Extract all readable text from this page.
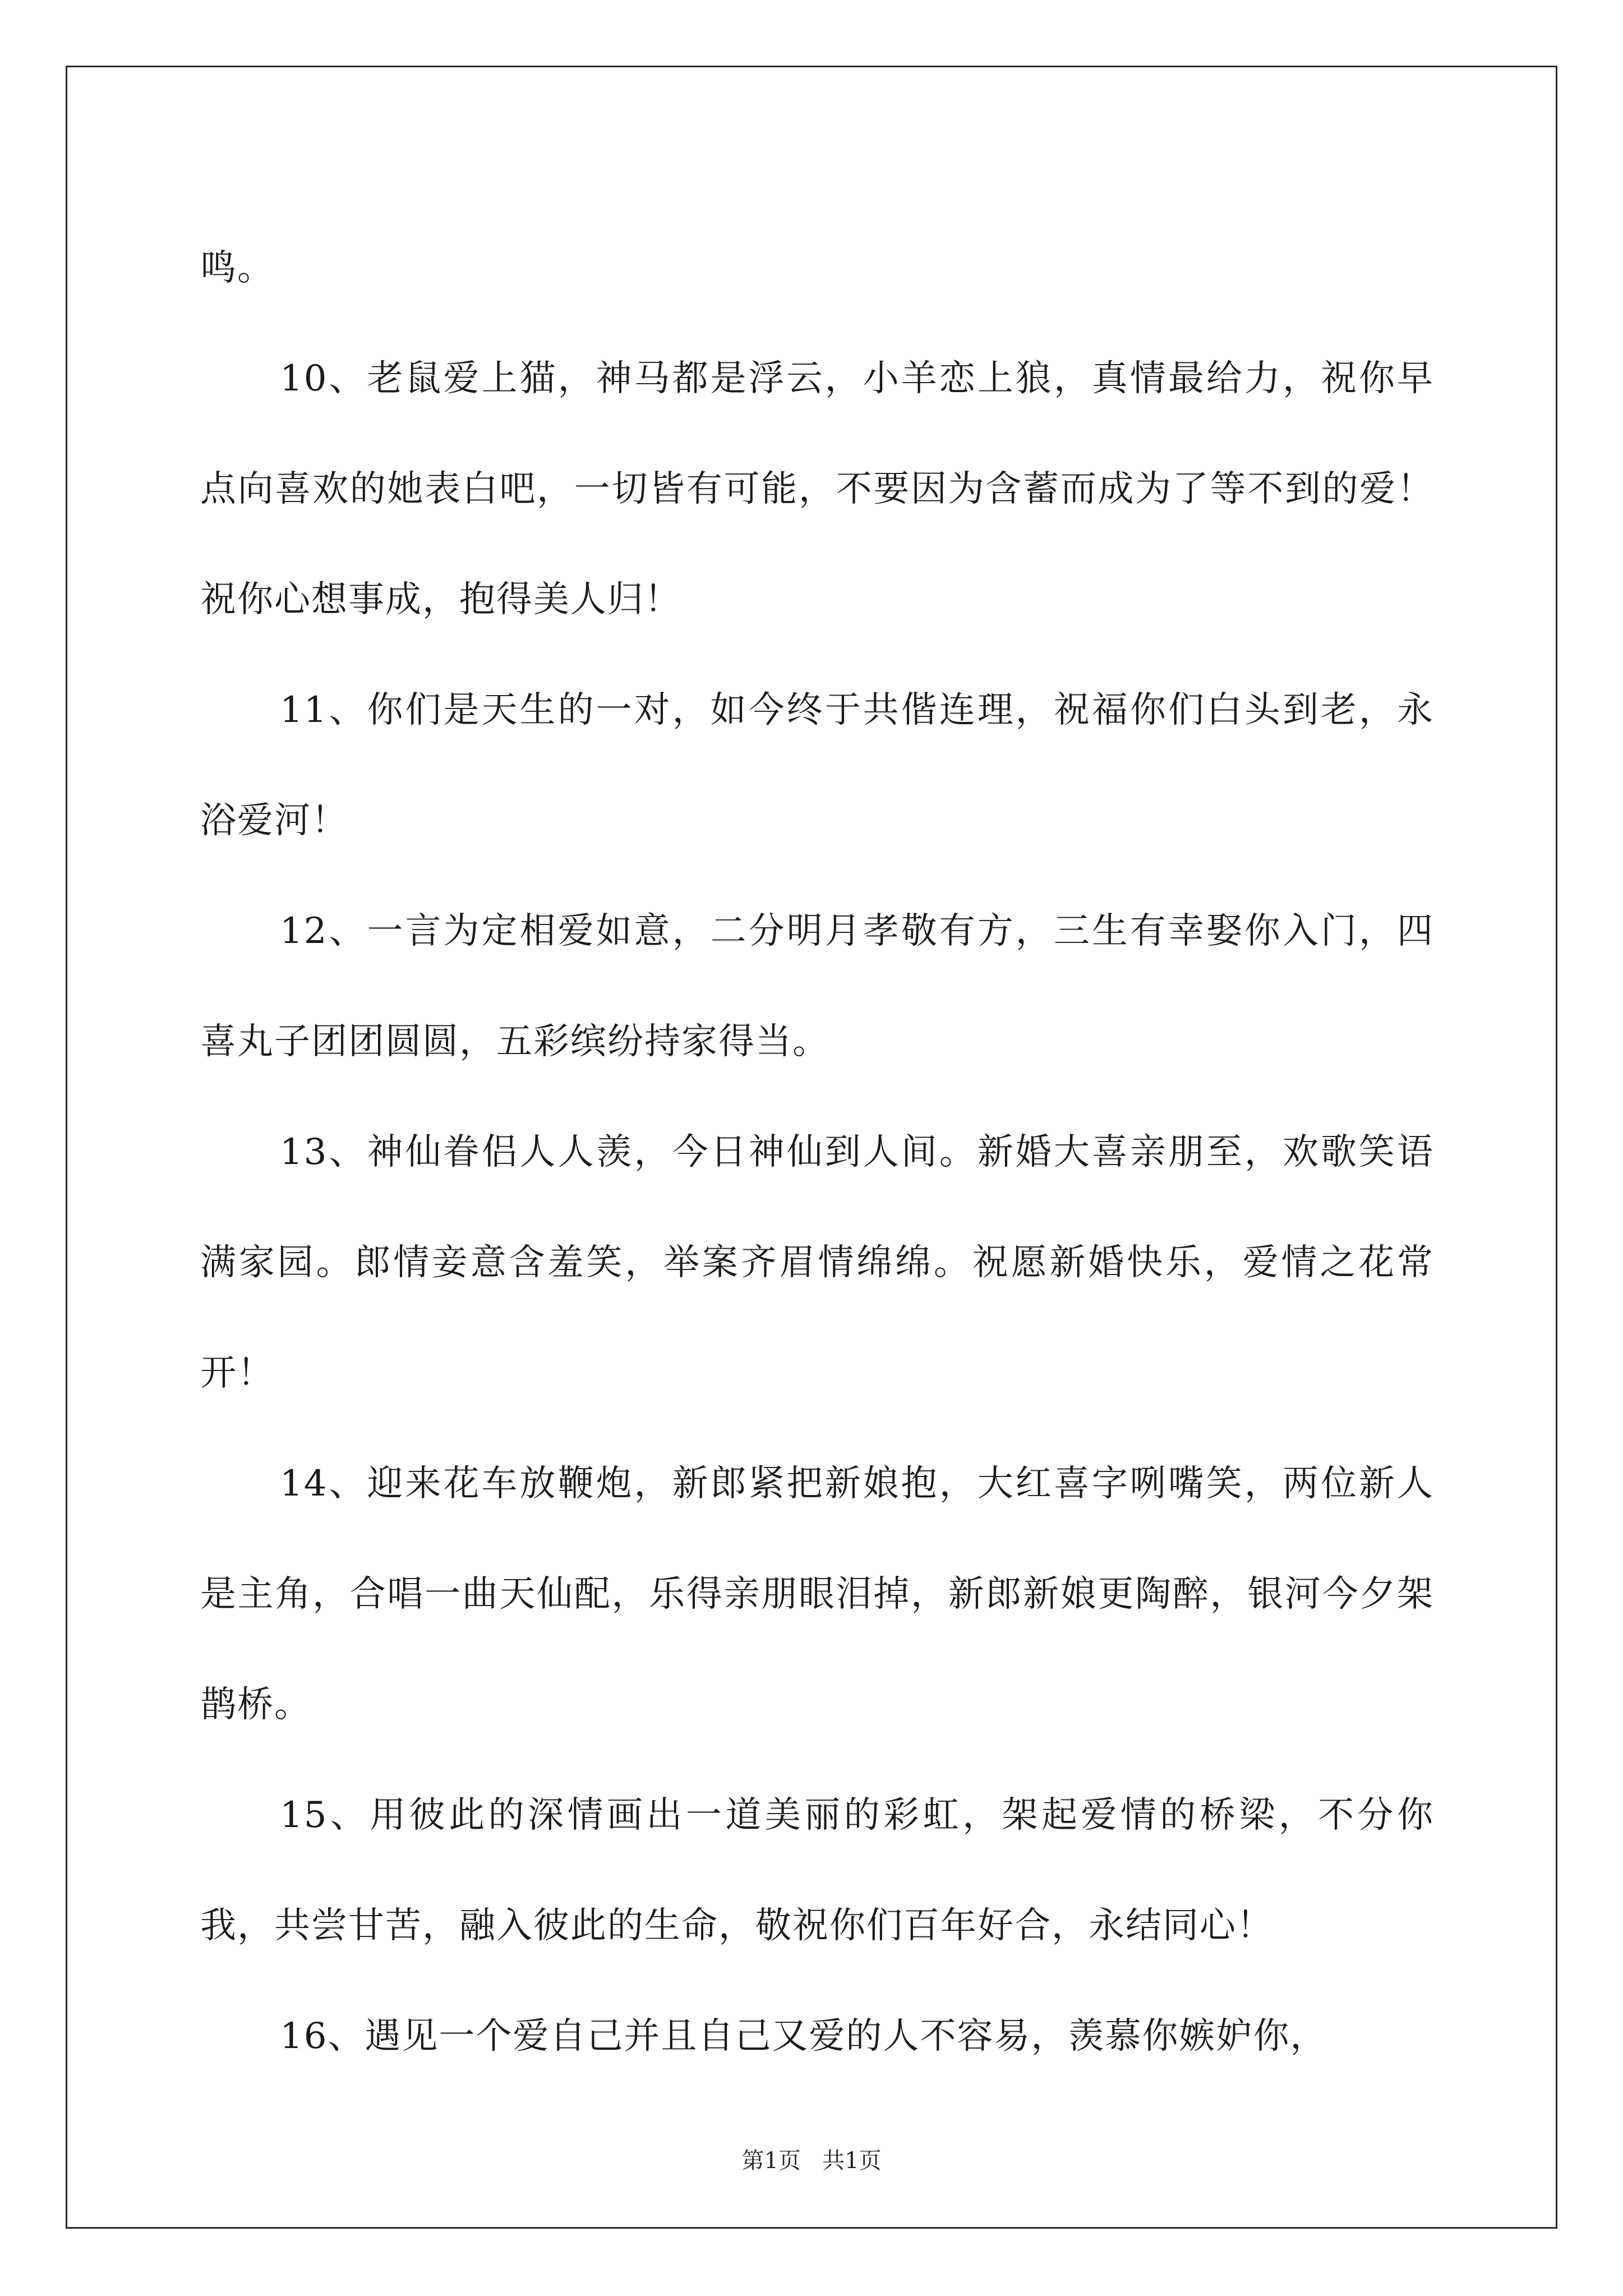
鸣。

10、老鼠爱上猫，神马都是浮云，小羊恋上狼，真情最给力，祝你早点向喜欢的她表白吧，一切皆有可能，不要因为含蓄而成为了等不到的爱！祝你心想事成，抱得美人归！

11、你们是天生的一对，如今终于共偕连理，祝福你们白头到老，永浴爱河！

12、一言为定相爱如意，二分明月孝敬有方，三生有幸娶你入门，四喜丸子团团圆圆，五彩缤纷持家得当。

13、神仙眷侣人人羡，今日神仙到人间。新婚大喜亲朋至，欢歌笑语满家园。郎情妾意含羞笑，举案齐眉情绵绵。祝愿新婚快乐，爱情之花常开！

14、迎来花车放鞭炮，新郎紧把新娘抱，大红喜字咧嘴笑，两位新人是主角，合唱一曲天仙配，乐得亲朋眼泪掉，新郎新娘更陶醉，银河今夕架鹊桥。

15、用彼此的深情画出一道美丽的彩虹，架起爱情的桥梁，不分你我，共尝甘苦，融入彼此的生命，敬祝你们百年好合，永结同心！

16、遇见一个爱自己并且自己又爱的人不容易，羡慕你嫉妒你，

第1页 共1页
